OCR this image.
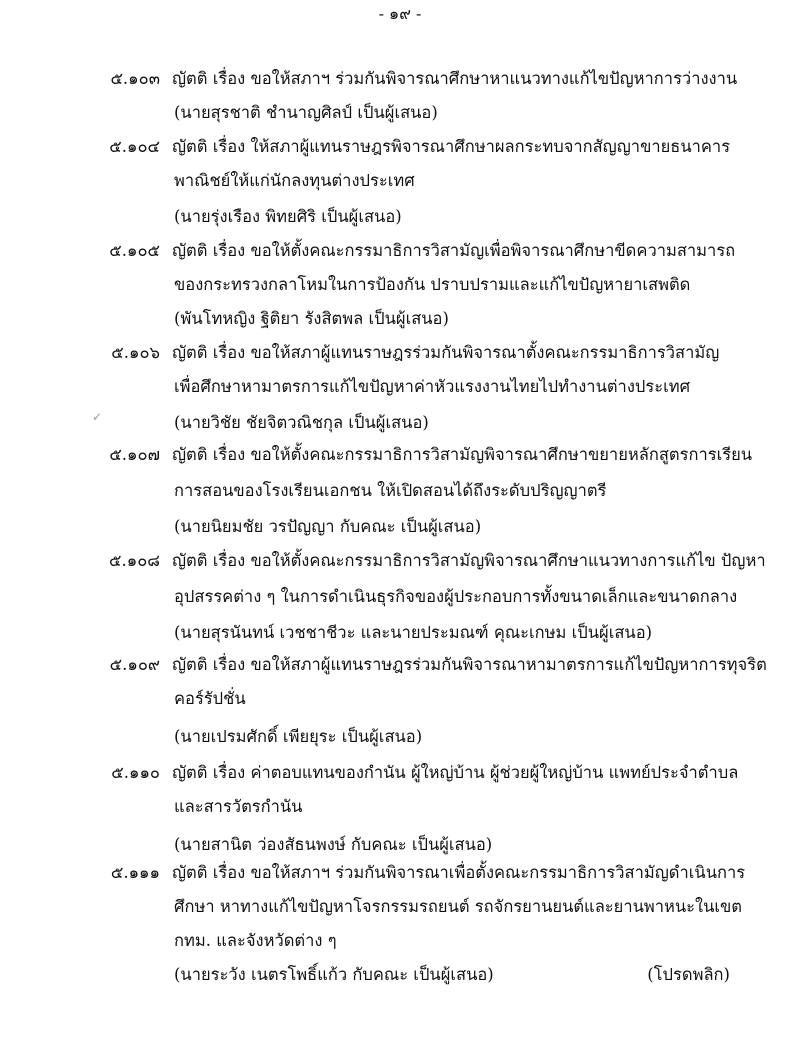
- ๑๙ -
๕.๑๐๓ ญัตติ เรื่อง ขอให้สภาฯ ร่วมกันพิจารณาศึกษาหาแนวทางแก้ไขปัญหาการว่างงาน
(นายสุรชาติ ชำนาญศิลป์ เป็นผู้เสนอ)
๕.๑๐๔ ญัตติ เรื่อง ให้สภาผู้แทนราษฎรพิจารณาศึกษาผลกระทบจากสัญญาขายธนาคาร
พาณิชย์ให้แก่นักลงทุนต่างประเทศ
(นายรุ่งเรือง พิทยศิริ เป็นผู้เสนอ)
๕.๑๐๕ ญัตติ เรื่อง ขอให้ตั้งคณะกรรมาธิการวิสามัญเพื่อพิจารณาศึกษาขีดความสามารถ
ของกระทรวงกลาโหมในการป้องกัน ปราบปรามและแก้ไขปัญหายาเสพติด
(พันโทหญิง ฐิติยา รังสิตพล เป็นผู้เสนอ)
๕.๑๐๖ ญัตติ เรื่อง ขอให้สภาผู้แทนราษฎรร่วมกันพิจารณาตั้งคณะกรรมาธิการวิสามัญ
เพื่อศึกษาหามาตรการแก้ไขปัญหาค่าหัวแรงงานไทยไปทำงานต่างประเทศ
(นายวิชัย ชัยจิตวณิชกุล เป็นผู้เสนอ)
๕.๑๐๗ ญัตติ เรื่อง ขอให้ตั้งคณะกรรมาธิการวิสามัญพิจารณาศึกษาขยายหลักสูตรการเรียน
การสอนของโรงเรียนเอกชน ให้เปิดสอนได้ถึงระดับปริญญาตรี
(นายนิยมชัย วรปัญญา กับคณะ เป็นผู้เสนอ)
๕.๑๐๘ ญัตติ เรื่อง ขอให้ตั้งคณะกรรมาธิการวิสามัญพิจารณาศึกษาแนวทางการแก้ไข ปัญหา
อุปสรรคต่าง ๆ ในการดำเนินธุรกิจของผู้ประกอบการทั้งขนาดเล็กและขนาดกลาง
(นายสุรนันทน์ เวชชาชีวะ และนายประมณฑ์ คุณะเกษม เป็นผู้เสนอ)
๕.๑๐๙ ญัตติ เรื่อง ขอให้สภาผู้แทนราษฎรร่วมกันพิจารณาหามาตรการแก้ไขปัญหาการทุจริต
คอร์รัปชั่น
(นายเปรมศักดิ์ เพียยุระ เป็นผู้เสนอ)
๕.๑๑๐ ญัตติ เรื่อง ค่าตอบแทนของกำนัน ผู้ใหญ่บ้าน ผู้ช่วยผู้ใหญ่บ้าน แพทย์ประจำตำบล
และสารวัตรกำนัน
(นายสานิต ว่องสัธนพงษ์ กับคณะ เป็นผู้เสนอ)
๕.๑๑๑ ญัตติ เรื่อง ขอให้สภาฯ ร่วมกันพิจารณาเพื่อตั้งคณะกรรมาธิการวิสามัญดำเนินการ
ศึกษา หาทางแก้ไขปัญหาโจรกรรมรถยนต์ รถจักรยานยนต์และยานพาหนะในเขต
กทม. และจังหวัดต่าง ๆ
(นายระวัง เนตรโพธิ์แก้ว กับคณะ เป็นผู้เสนอ)	(โปรดพลิก)
✓
